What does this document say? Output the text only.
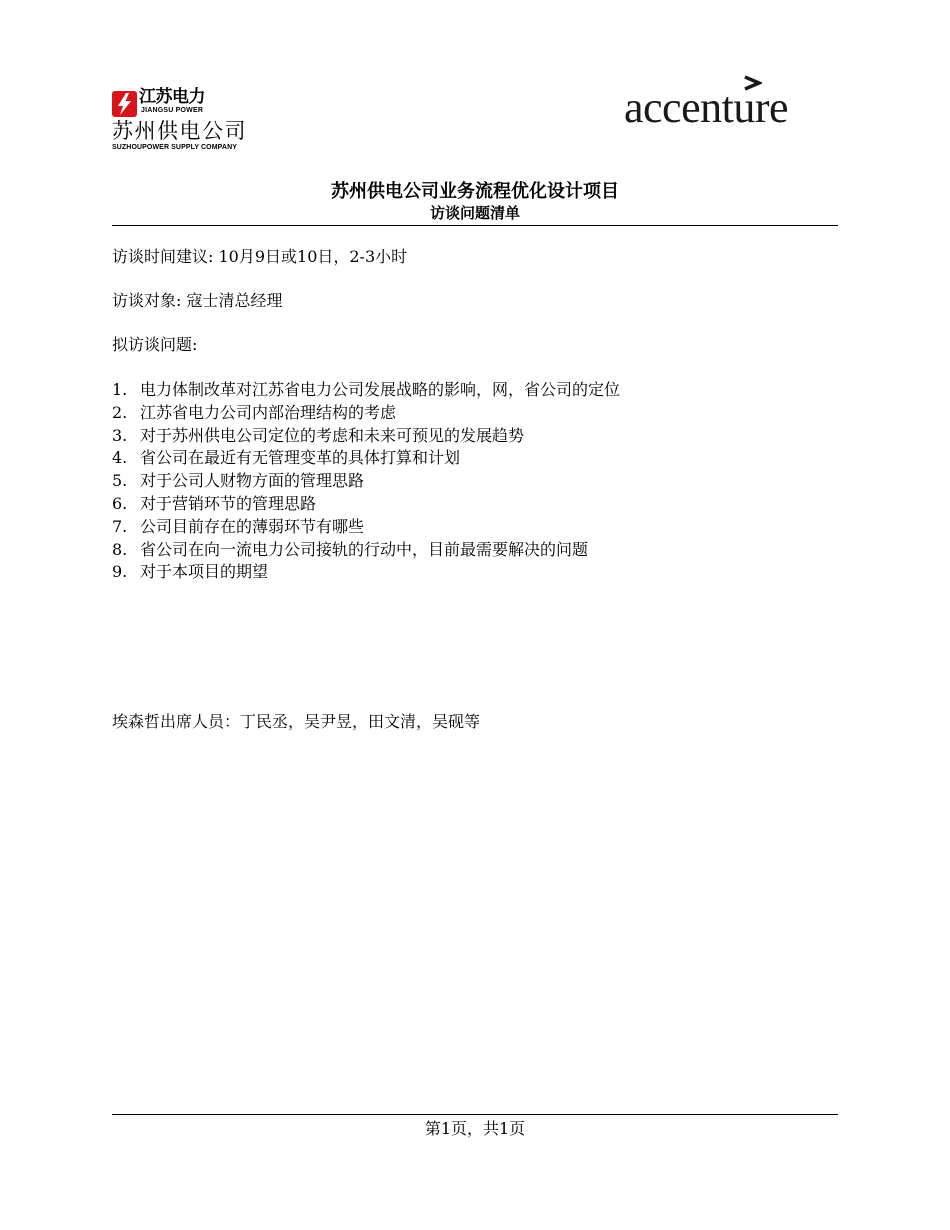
江苏电力
JIANGSU POWER
苏州供电公司
SUZHOUPOWER SUPPLY COMPANY
accenture
苏州供电公司业务流程优化设计项目
访谈问题清单
访谈时间建议: 10月9日或10日，2-3小时
访谈对象: 寇士清总经理
拟访谈问题:
1. 电力体制改革对江苏省电力公司发展战略的影响，网，省公司的定位
2. 江苏省电力公司内部治理结构的考虑
3. 对于苏州供电公司定位的考虑和未来可预见的发展趋势
4. 省公司在最近有无管理变革的具体打算和计划
5. 对于公司人财物方面的管理思路
6. 对于营销环节的管理思路
7. 公司目前存在的薄弱环节有哪些
8. 省公司在向一流电力公司接轨的行动中，目前最需要解决的问题
9. 对于本项目的期望
埃森哲出席人员：丁民丞，吴尹昱，田文清，吴砚等
第1页，共1页
